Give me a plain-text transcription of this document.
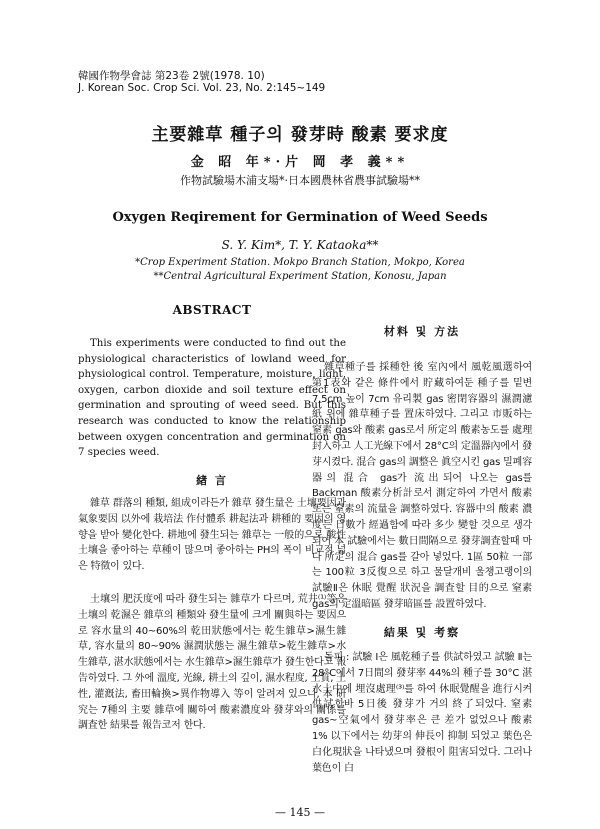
韓國作物學會誌 第23卷 2號(1978. 10)
J. Korean Soc. Crop Sci. Vol. 23, No. 2:145~149
主要雜草 種子의 發芽時 酸素 要求度
金 昭 年*·片 岡 孝 義**
作物試驗場木浦支場*·日本國農林省農事試驗場**
Oxygen Reqirement for Germination of Weed Seeds
S. Y. Kim*, T. Y. Kataoka**
*Crop Experiment Station. Mokpo Branch Station, Mokpo, Korea
**Central Agricultural Experiment Station, Konosu, Japan
ABSTRACT

This experiments were conducted to find out the physiological characteristics of lowland weed for physiological control. Temperature, moisture, light, oxygen, carbon dioxide and soil texture effect on germination and sprouting of weed seed. But this research was conducted to know the relationship between oxygen concentration and germination on 7 species weed.

緖 言

雜草 群落의 種類, 組成이라든가 雜草 發生量은 土壤要因과 氣象要因 以外에 栽培法 作付體系 耕起法과 耕種的 要因의 영향을 받아 變化한다. 耕地에 發生되는 雜草는 一般的으로 酸性土壤을 좋아하는 草種이 많으며 좋아하는 PH의 폭이 비교적 넓은 特徵이 있다.

土壤의 肥沃度에 따라 發生되는 雜草가 다르며, 荒井⁽¹⁾等은 土壤의 乾濕은 雜草의 種類와 發生量에 크게 關與하는 要因으로 容水量의 40~60%의 乾田狀態에서는 乾生雜草>濕生雜草, 容水量의 80~90% 濕潤狀態는 濕生雜草>乾生雜草>水生雜草, 湛水狀態에서는 水生雜草>濕生雜草가 發生한다고 報告하였다. 그 外에 溫度, 光線, 耕土의 깊이, 濕水程度, 土質, 土性, 灌漑法, 畜田輪換>異作物導入 等이 알려져 있으나, 本 硏究는 7種의 主要 雜草에 關하여 酸素濃度와 發芽와의 關係를 調査한 結果를 報告코저 한다.

材料 및 方法

雜草種子를 採種한 後 室內에서 風乾風選하여 第1表와 같은 條件에서 貯藏하여둔 種子를 밑변 7.5cm 높이 7cm 유리製 gas 密閉容器의 濕潤濾紙 위에 雜草種子를 置床하였다. 그리고 市販하는 窒素 gas와 酸素 gas로서 所定의 酸素농도를 處理 封入하고 人工光線下에서 28°C의 定溫器內에서 發芽시켰다. 混合 gas의 調整은 眞空시킨 gas 밀폐容器의 混合 gas가 流出되어 나오는 gas를 Backman 酸素分析計로서 測定하여 가면서 酸素 또는 窒素의 流量을 調整하였다. 容器中의 酸素 濃度는 日數가 經過함에 따라 多少 變할 것으로 생각되어 本 試驗에서는 數日間隔으로 發芽調査할때 마다 所定의 混合 gas를 갈아 넣었다. 1區 50粒 一部는 100粒 3反復으로 하고 물달개비 울챙고랭이의 試驗Ⅱ은 休眠 覺醒 狀況을 調査할 目的으로 窒素 gas의 定溫暗區 發芽暗區를 設置하였다.

結果 및 考察

돌피 : 試驗 Ⅰ은 風乾種子를 供試하였고 試驗 Ⅱ는 28°C에서 7日間의 發芽率 44%의 種子를 30°C 湛水土中에 埋沒處理⁽³⁾를 하여 休眠覺醒을 進行시켜 供試한바 5日後 發芽가 거의 終了되었다. 窒素 gas~空氣에서 發芽率은 큰 差가 없었으나 酸素 1% 以下에서는 幼芽의 伸長이 抑制 되었고 葉色은 白化現狀을 나타냈으며 發根이 阻害되었다. 그러나 葉色이 白

— 145 —
